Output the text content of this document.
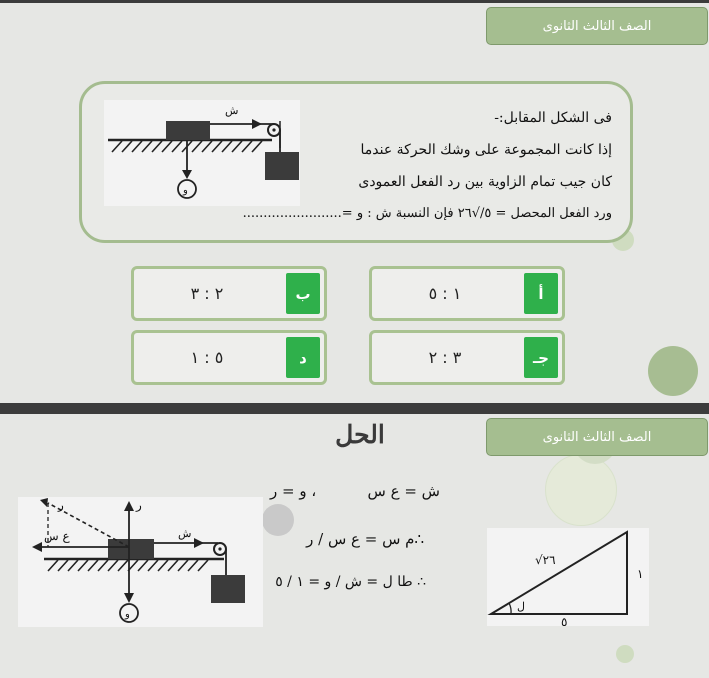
الصف الثالث الثانوى
ش
و
فى الشكل المقابل:-
إذا كانت المجموعة على وشك الحركة عندما
كان جيب تمام الزاوية بين رد الفعل العمودى
ورد الفعل المحصل = ٥/√٢٦ فإن النسبة ش : و =........................
١ : ٥	أ
٢ : ٣	ب
٣ : ٢	جـ
٥ : ١	د
الصف الثالث الثانوى
الحل
ر	ر
ع س	ش
و
ش = ع س
، و = ر
∴م س = ع س / ر
∴ طا ل = ش / و = ١ / ٥
√٢٦
١
٥
ل
